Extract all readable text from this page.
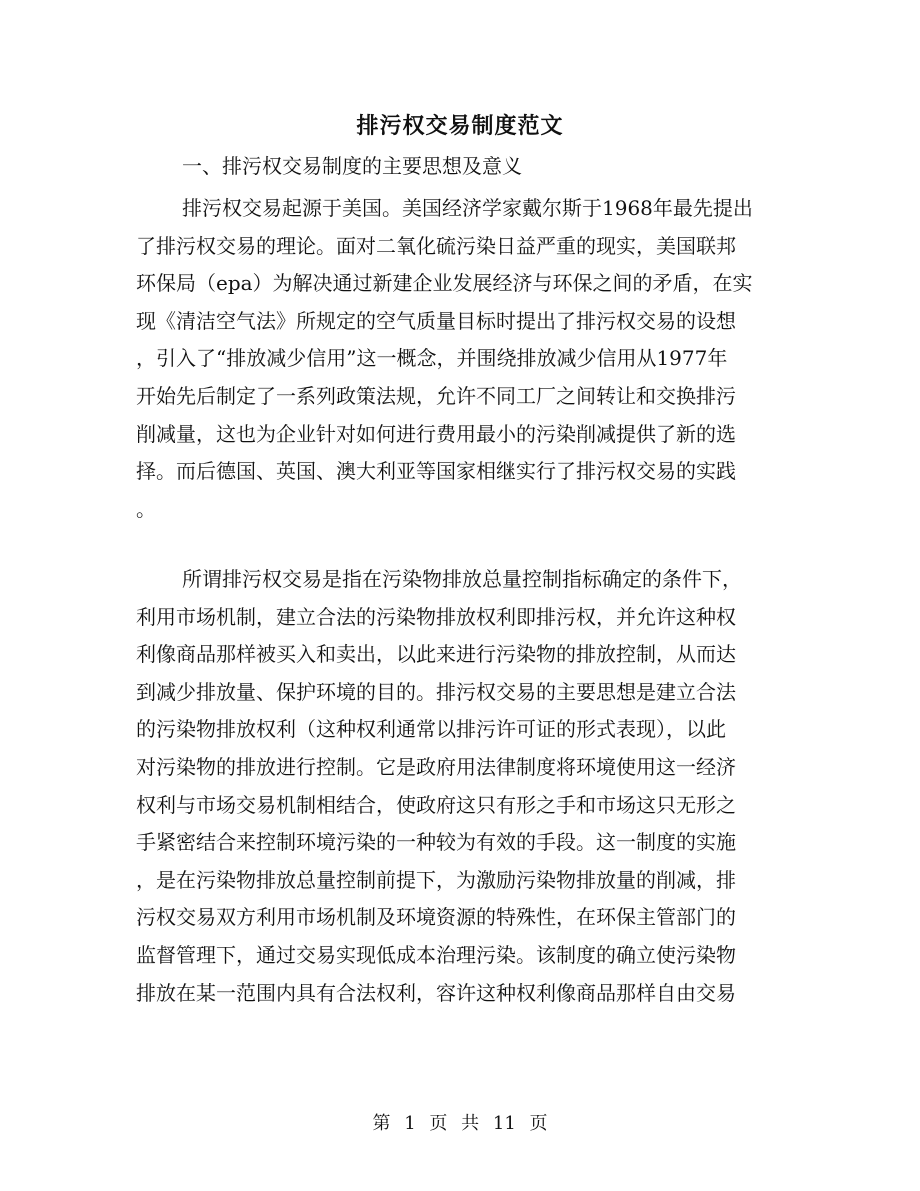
排污权交易制度范文
一、排污权交易制度的主要思想及意义
排污权交易起源于美国。美国经济学家戴尔斯于1968年最先提出
了排污权交易的理论。面对二氧化硫污染日益严重的现实，美国联邦
环保局（epa）为解决通过新建企业发展经济与环保之间的矛盾，在实
现《清洁空气法》所规定的空气质量目标时提出了排污权交易的设想
，引入了“排放减少信用”这一概念，并围绕排放减少信用从1977年
开始先后制定了一系列政策法规，允许不同工厂之间转让和交换排污
削减量，这也为企业针对如何进行费用最小的污染削减提供了新的选
择。而后德国、英国、澳大利亚等国家相继实行了排污权交易的实践
。
所谓排污权交易是指在污染物排放总量控制指标确定的条件下，
利用市场机制，建立合法的污染物排放权利即排污权，并允许这种权
利像商品那样被买入和卖出，以此来进行污染物的排放控制，从而达
到减少排放量、保护环境的目的。排污权交易的主要思想是建立合法
的污染物排放权利（这种权利通常以排污许可证的形式表现），以此
对污染物的排放进行控制。它是政府用法律制度将环境使用这一经济
权利与市场交易机制相结合，使政府这只有形之手和市场这只无形之
手紧密结合来控制环境污染的一种较为有效的手段。这一制度的实施
，是在污染物排放总量控制前提下，为激励污染物排放量的削减，排
污权交易双方利用市场机制及环境资源的特殊性，在环保主管部门的
监督管理下，通过交易实现低成本治理污染。该制度的确立使污染物
排放在某一范围内具有合法权利，容许这种权利像商品那样自由交易
第 1 页 共 11 页
